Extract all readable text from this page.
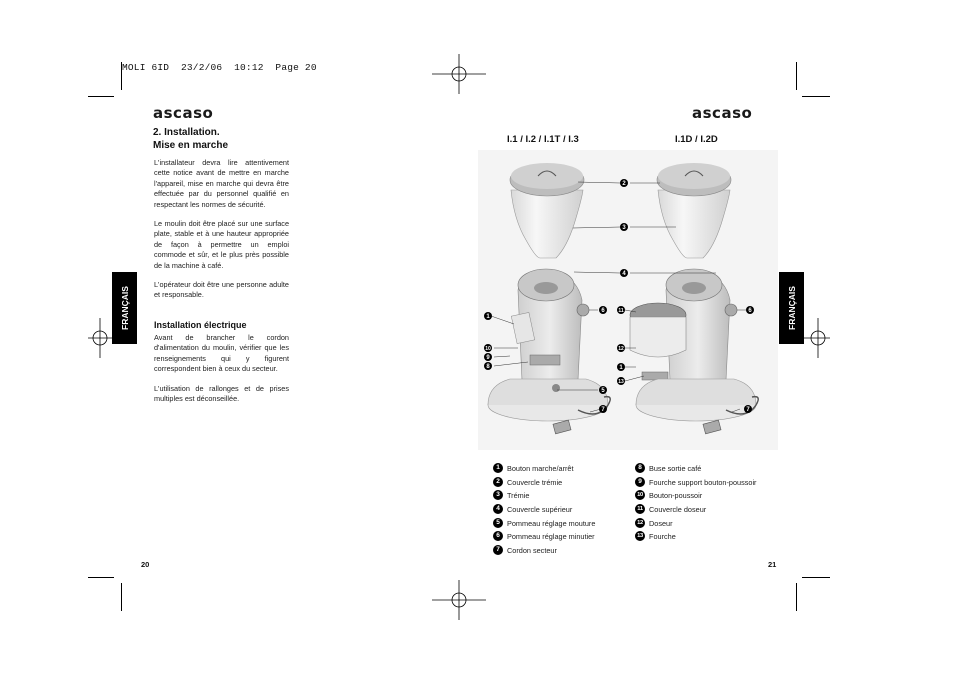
MOLI 6ID  23/2/06  10:12  Page 20
ascaso
2. Installation.
Mise en marche
L'installateur devra lire attentivement cette notice avant de mettre en marche l'appareil, mise en marche qui devra être effectuée par du personnel qualifié en respectant les normes de sécurité.
Le moulin doit être placé sur une surface plate, stable et à une hauteur appropriée de façon à permettre un emploi commode et sûr, et le plus près possible de la machine à café.
L'opérateur doit être une personne adulte et responsable.
Installation électrique
Avant de brancher le cordon d'alimentation du moulin, vérifier que les renseignements qui y figurent correspondent bien à ceux du secteur.
L'utilisation de rallonges et de prises multiples est déconseillée.
FRANÇAIS
20
ascaso
I.1 / I.2 / I.1T / I.3	I.1D / I.2D
FRANÇAIS
2
3
4
6	6
1
10
9
8
5
7
11
12
1
13
7
1 Bouton marche/arrêt
2 Couvercle trémie
3 Trémie
4 Couvercle supérieur
5 Pommeau réglage mouture
6 Pommeau réglage minutier
7 Cordon secteur
8 Buse sortie café
9 Fourche support bouton-poussoir
10 Bouton-poussoir
11 Couvercle doseur
12 Doseur
13 Fourche
21
